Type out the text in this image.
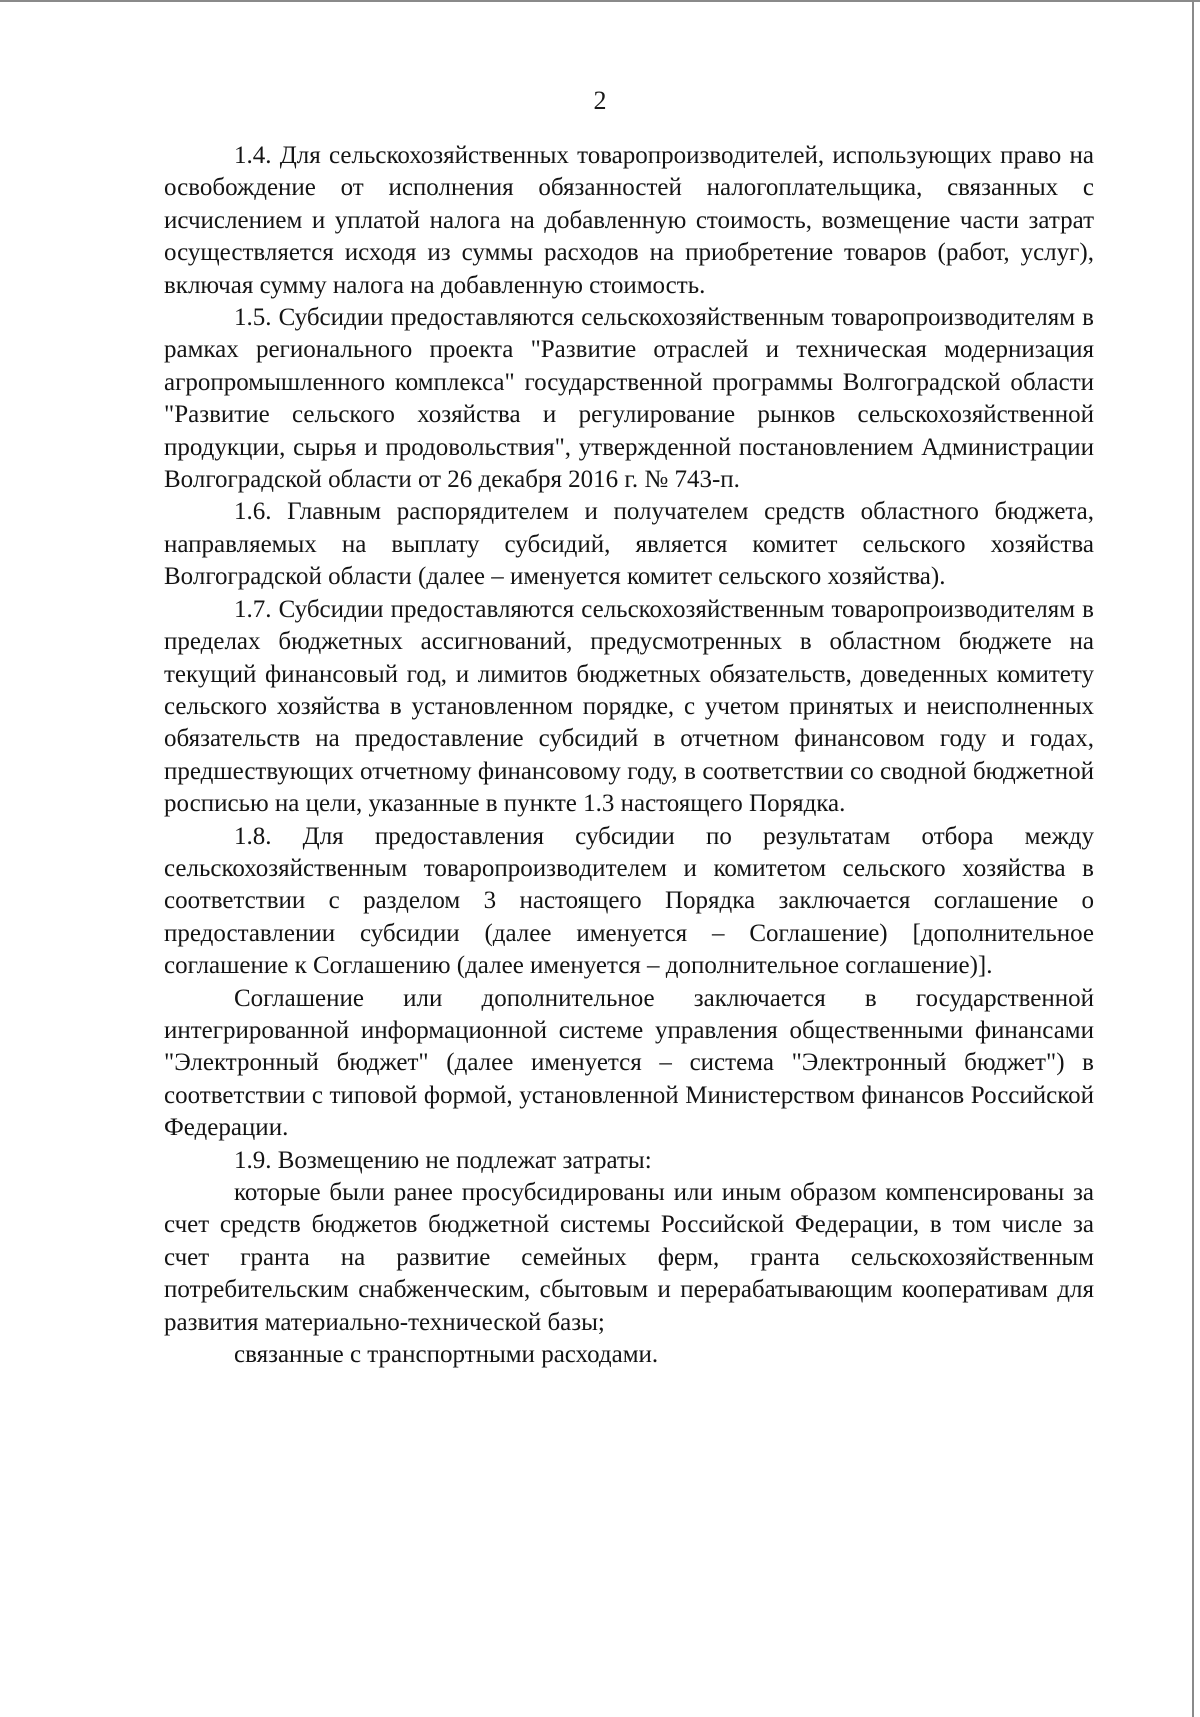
2

1.4. Для сельскохозяйственных товаропроизводителей, использующих право на освобождение от исполнения обязанностей налогоплательщика, связанных с исчислением и уплатой налога на добавленную стоимость, возмещение части затрат осуществляется исходя из суммы расходов на приобретение товаров (работ, услуг), включая сумму налога на добавленную стоимость.

1.5. Субсидии предоставляются сельскохозяйственным товаропроизводителям в рамках регионального проекта "Развитие отраслей и техническая модернизация агропромышленного комплекса" государственной программы Волгоградской области "Развитие сельского хозяйства и регулирование рынков сельскохозяйственной продукции, сырья и продовольствия", утвержденной постановлением Администрации Волгоградской области от 26 декабря 2016 г. № 743-п.

1.6. Главным распорядителем и получателем средств областного бюджета, направляемых на выплату субсидий, является комитет сельского хозяйства Волгоградской области (далее – именуется комитет сельского хозяйства).

1.7. Субсидии предоставляются сельскохозяйственным товаропроизводителям в пределах бюджетных ассигнований, предусмотренных в областном бюджете на текущий финансовый год, и лимитов бюджетных обязательств, доведенных комитету сельского хозяйства в установленном порядке, с учетом принятых и неисполненных обязательств на предоставление субсидий в отчетном финансовом году и годах, предшествующих отчетному финансовому году, в соответствии со сводной бюджетной росписью на цели, указанные в пункте 1.3 настоящего Порядка.

1.8. Для предоставления субсидии по результатам отбора между сельскохозяйственным товаропроизводителем и комитетом сельского хозяйства в соответствии с разделом 3 настоящего Порядка заключается соглашение о предоставлении субсидии (далее именуется – Соглашение) [дополнительное соглашение к Соглашению (далее именуется – дополнительное соглашение)].

Соглашение или дополнительное заключается в государственной интегрированной информационной системе управления общественными финансами "Электронный бюджет" (далее именуется – система "Электронный бюджет") в соответствии с типовой формой, установленной Министерством финансов Российской Федерации.

1.9. Возмещению не подлежат затраты:

которые были ранее просубсидированы или иным образом компенсированы за счет средств бюджетов бюджетной системы Российской Федерации, в том числе за счет гранта на развитие семейных ферм, гранта сельскохозяйственным потребительским снабженческим, сбытовым и перерабатывающим кооперативам для развития материально-технической базы;

связанные с транспортными расходами.
